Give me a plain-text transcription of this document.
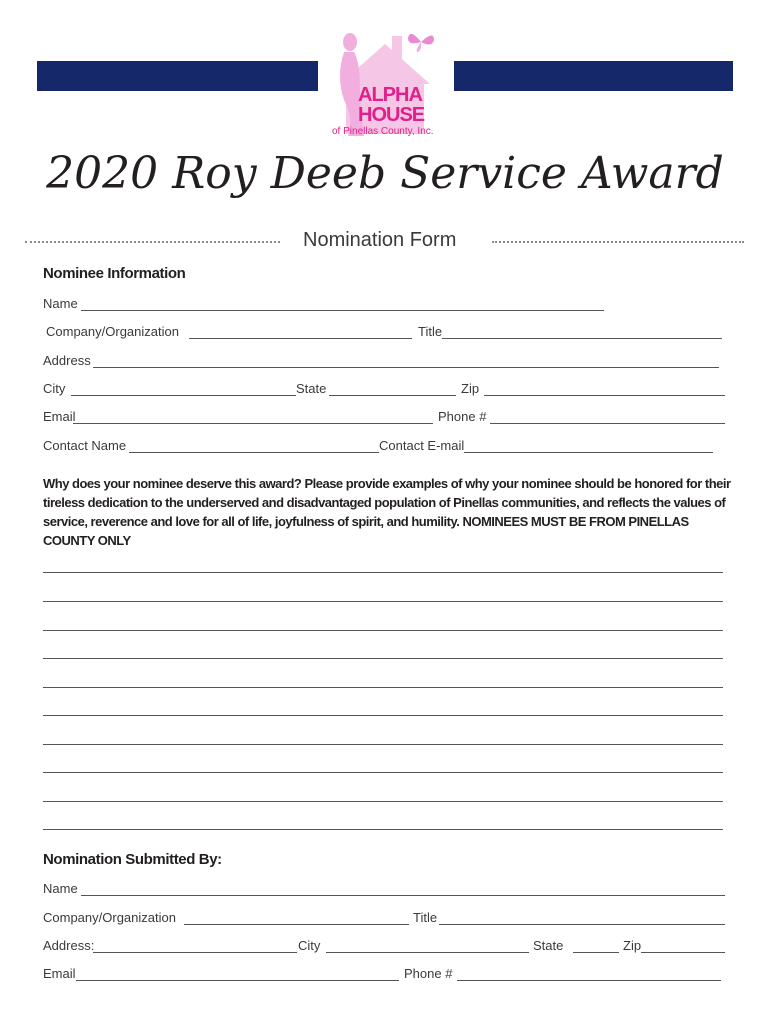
ALPHA
HOUSE
of Pinellas County, Inc.
2020 Roy Deeb Service Award
Nomination Form
Nominee Information
Name
Company/Organization	Title
Address
City	State	Zip
Email	Phone #
Contact Name	Contact E-mail
Why does your nominee deserve this award? Please provide examples of why your nominee should be honored for their tireless dedication to the underserved and disadvantaged population of Pinellas communities, and reflects the values of service, reverence and love for all of life, joyfulness of spirit, and humility. NOMINEES MUST BE FROM PINELLAS COUNTY ONLY
Nomination Submitted By:
Name
Company/Organization	Title
Address:	City	State	Zip
Email	Phone #
